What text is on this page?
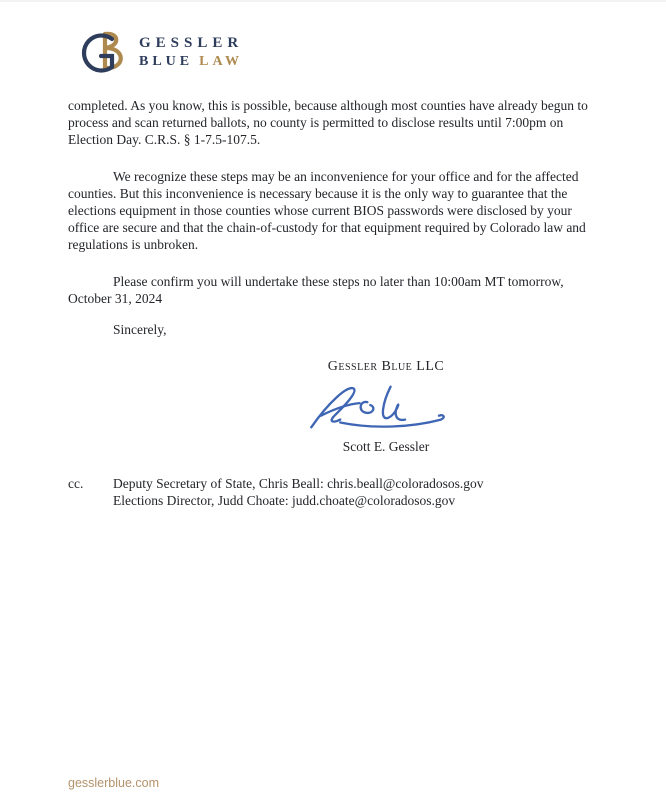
GESSLER
BLUE LAW

completed. As you know, this is possible, because although most counties have already begun to process and scan returned ballots, no county is permitted to disclose results until 7:00pm on Election Day. C.R.S. § 1-7.5-107.5.

We recognize these steps may be an inconvenience for your office and for the affected counties. But this inconvenience is necessary because it is the only way to guarantee that the elections equipment in those counties whose current BIOS passwords were disclosed by your office are secure and that the chain-of-custody for that equipment required by Colorado law and regulations is unbroken.

Please confirm you will undertake these steps no later than 10:00am MT tomorrow,
October 31, 2024

Sincerely,

Gessler Blue LLC
Scott E. Gessler
cc.	Deputy Secretary of State, Chris Beall: chris.beall@coloradosos.gov
Elections Director, Judd Choate: judd.choate@coloradosos.gov
gesslerblue.com
